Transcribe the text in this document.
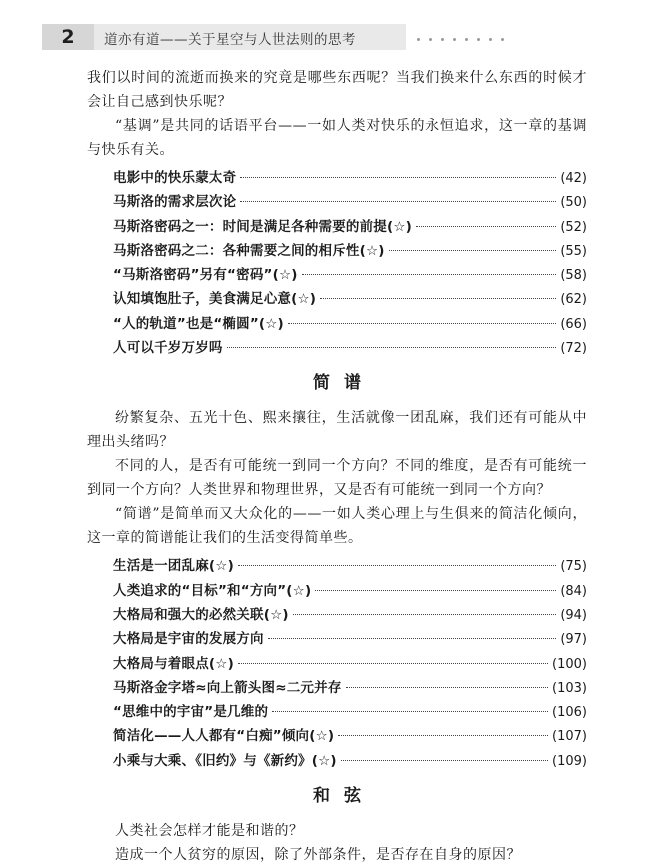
2	道亦有道——关于星空与人世法则的思考

我们以时间的流逝而换来的究竟是哪些东西呢？当我们换来什么东西的时候才会让自己感到快乐呢？

“基调”是共同的话语平台——一如人类对快乐的永恒追求，这一章的基调与快乐有关。

电影中的快乐蒙太奇	(42)
马斯洛的需求层次论	(50)
马斯洛密码之一：时间是满足各种需要的前提(☆)	(52)
马斯洛密码之二：各种需要之间的相斥性(☆)	(55)
“马斯洛密码”另有“密码”(☆)	(58)
认知填饱肚子，美食满足心意(☆)	(62)
“人的轨道”也是“椭圆”(☆)	(66)
人可以千岁万岁吗	(72)
简谱

纷繁复杂、五光十色、熙来攘往，生活就像一团乱麻，我们还有可能从中理出头绪吗？

不同的人，是否有可能统一到同一个方向？不同的维度，是否有可能统一到同一个方向？人类世界和物理世界，又是否有可能统一到同一个方向？

“简谱”是简单而又大众化的——一如人类心理上与生俱来的简洁化倾向，这一章的简谱能让我们的生活变得简单些。

生活是一团乱麻(☆)	(75)
人类追求的“目标”和“方向”(☆)	(84)
大格局和强大的必然关联(☆)	(94)
大格局是宇宙的发展方向	(97)
大格局与着眼点(☆)	(100)
马斯洛金字塔≈向上箭头图≈二元并存	(103)
“思维中的宇宙”是几维的	(106)
简洁化——人人都有“白痴”倾向(☆)	(107)
小乘与大乘、《旧约》与《新约》(☆)	(109)
和弦

人类社会怎样才能是和谐的？

造成一个人贫穷的原因，除了外部条件，是否存在自身的原因？
